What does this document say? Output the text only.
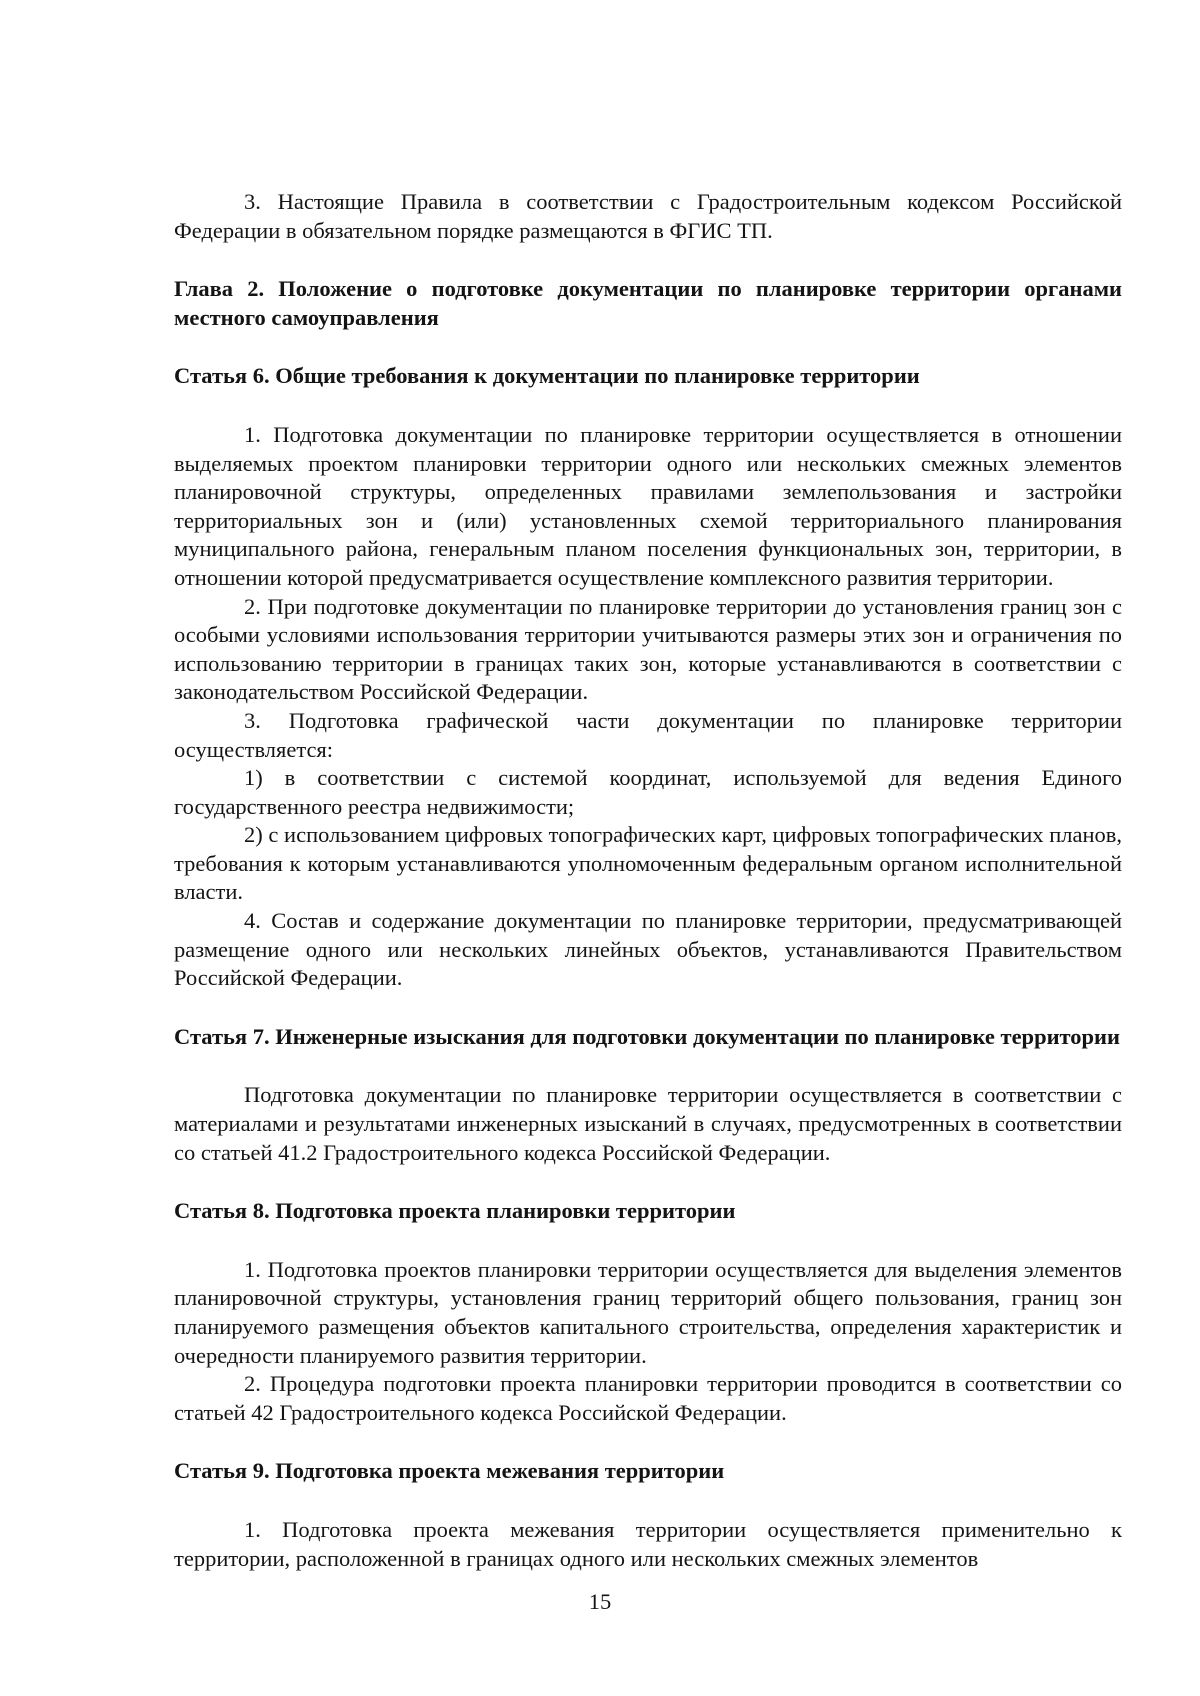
3. Настоящие Правила в соответствии с Градостроительным кодексом Российской Федерации в обязательном порядке размещаются в ФГИС ТП.

Глава 2. Положение о подготовке документации по планировке территории органами местного самоуправления

Статья 6. Общие требования к документации по планировке территории

1. Подготовка документации по планировке территории осуществляется в отношении выделяемых проектом планировки территории одного или нескольких смежных элементов планировочной структуры, определенных правилами землепользования и застройки территориальных зон и (или) установленных схемой территориального планирования муниципального района, генеральным планом поселения функциональных зон, территории, в отношении которой предусматривается осуществление комплексного развития территории.

2. При подготовке документации по планировке территории до установления границ зон с особыми условиями использования территории учитываются размеры этих зон и ограничения по использованию территории в границах таких зон, которые устанавливаются в соответствии с законодательством Российской Федерации.

3. Подготовка графической части документации по планировке территории осуществляется:

1) в соответствии с системой координат, используемой для ведения Единого государственного реестра недвижимости;

2) с использованием цифровых топографических карт, цифровых топографических планов, требования к которым устанавливаются уполномоченным федеральным органом исполнительной власти.

4. Состав и содержание документации по планировке территории, предусматривающей размещение одного или нескольких линейных объектов, устанавливаются Правительством Российской Федерации.

Статья 7. Инженерные изыскания для подготовки документации по планировке территории

Подготовка документации по планировке территории осуществляется в соответствии с материалами и результатами инженерных изысканий в случаях, предусмотренных в соответствии со статьей 41.2 Градостроительного кодекса Российской Федерации.

Статья 8. Подготовка проекта планировки территории

1. Подготовка проектов планировки территории осуществляется для выделения элементов планировочной структуры, установления границ территорий общего пользования, границ зон планируемого размещения объектов капитального строительства, определения характеристик и очередности планируемого развития территории.

2. Процедура подготовки проекта планировки территории проводится в соответствии со статьей 42 Градостроительного кодекса Российской Федерации.

Статья 9. Подготовка проекта межевания территории

1. Подготовка проекта межевания территории осуществляется применительно к территории, расположенной в границах одного или нескольких смежных элементов

15
